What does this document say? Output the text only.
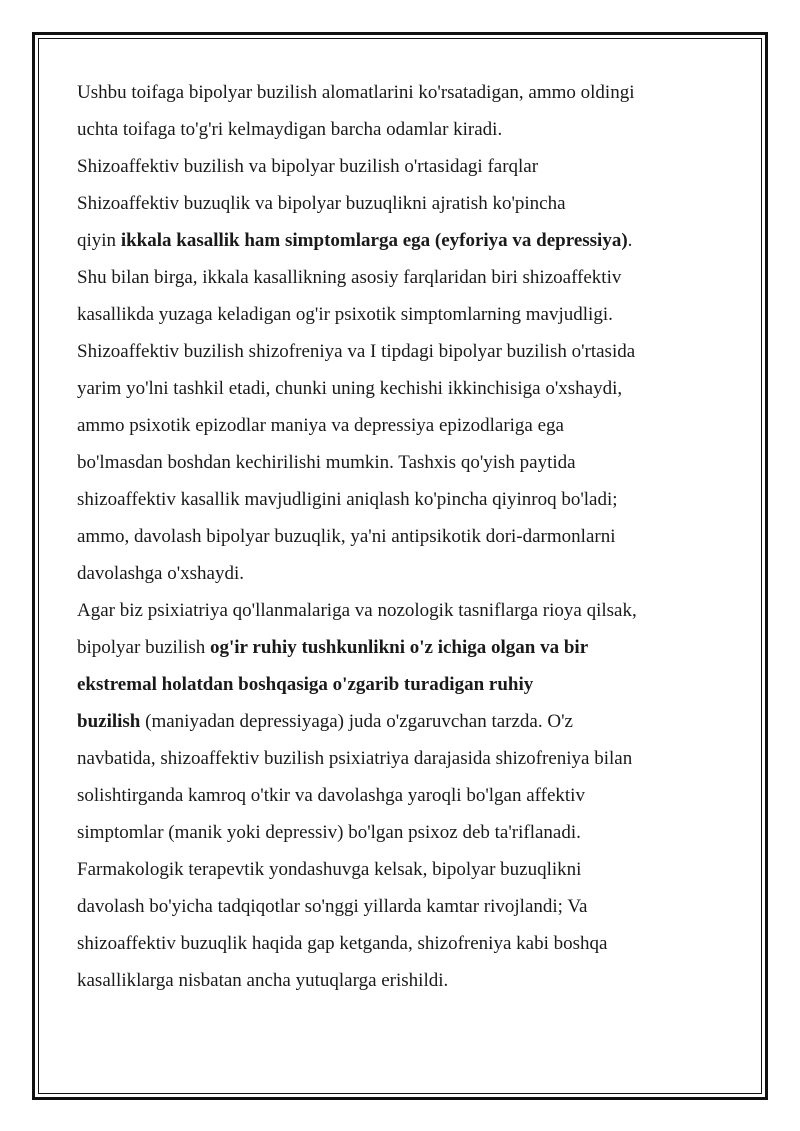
Ushbu toifaga bipolyar buzilish alomatlarini ko'rsatadigan, ammo oldingi
uchta toifaga to'g'ri kelmaydigan barcha odamlar kiradi.
Shizoaffektiv buzilish va bipolyar buzilish o'rtasidagi farqlar
Shizoaffektiv buzuqlik va bipolyar buzuqlikni ajratish ko'pincha
qiyin ikkala kasallik ham simptomlarga ega (eyforiya va depressiya).
Shu bilan birga, ikkala kasallikning asosiy farqlaridan biri shizoaffektiv
kasallikda yuzaga keladigan og'ir psixotik simptomlarning mavjudligi.
Shizoaffektiv buzilish shizofreniya va I tipdagi bipolyar buzilish o'rtasida
yarim yo'lni tashkil etadi, chunki uning kechishi ikkinchisiga o'xshaydi,
ammo psixotik epizodlar maniya va depressiya epizodlariga ega
bo'lmasdan boshdan kechirilishi mumkin. Tashxis qo'yish paytida
shizoaffektiv kasallik mavjudligini aniqlash ko'pincha qiyinroq bo'ladi;
ammo, davolash bipolyar buzuqlik, ya'ni antipsikotik dori-darmonlarni
davolashga o'xshaydi.
Agar biz psixiatriya qo'llanmalariga va nozologik tasniflarga rioya qilsak,
bipolyar buzilish og'ir ruhiy tushkunlikni o'z ichiga olgan va bir
ekstremal holatdan boshqasiga o'zgarib turadigan ruhiy
buzilish (maniyadan depressiyaga) juda o'zgaruvchan tarzda. O'z
navbatida, shizoaffektiv buzilish psixiatriya darajasida shizofreniya bilan
solishtirganda kamroq o'tkir va davolashga yaroqli bo'lgan affektiv
simptomlar (manik yoki depressiv) bo'lgan psixoz deb ta'riflanadi.
Farmakologik terapevtik yondashuvga kelsak, bipolyar buzuqlikni
davolash bo'yicha tadqiqotlar so'nggi yillarda kamtar rivojlandi; Va
shizoaffektiv buzuqlik haqida gap ketganda, shizofreniya kabi boshqa
kasalliklarga nisbatan ancha yutuqlarga erishildi.
